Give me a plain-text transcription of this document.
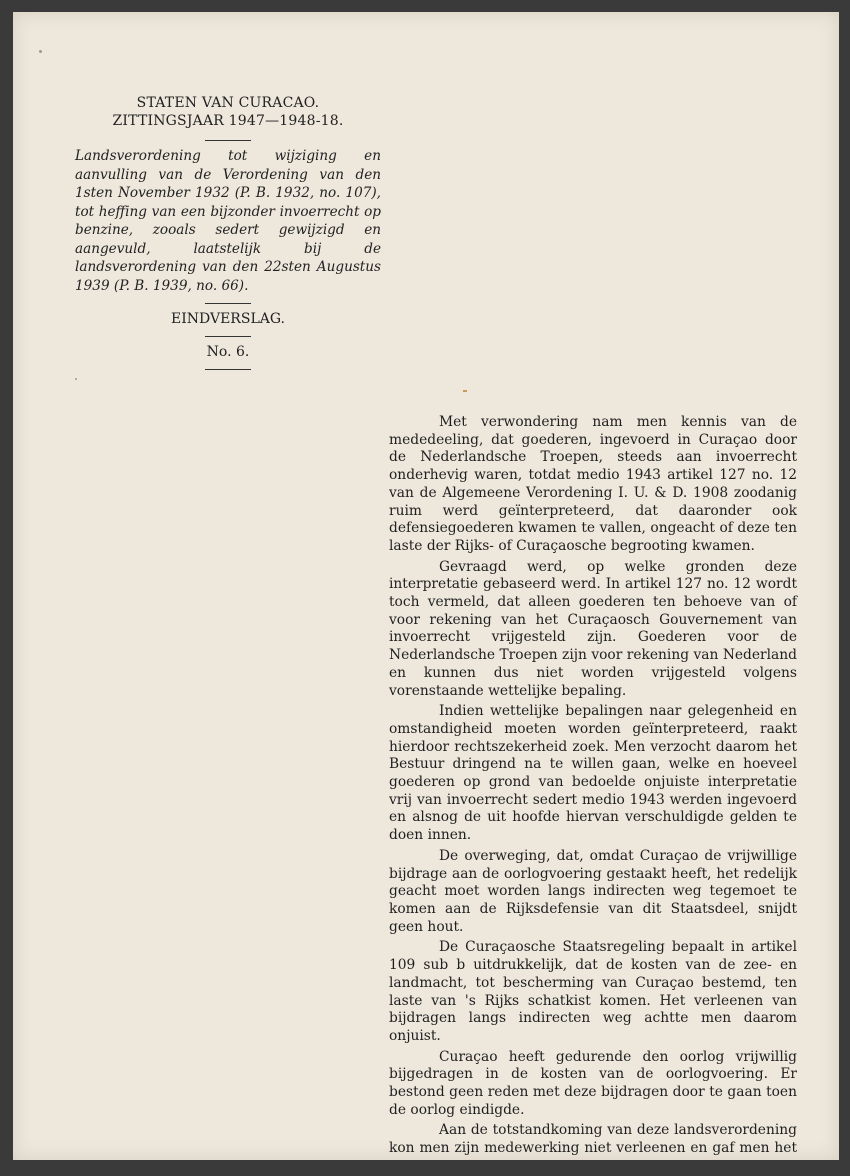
STATEN VAN CURACAO.
ZITTINGSJAAR 1947—1948-18.
Landsverordening tot wijziging en aanvulling van de Verordening van den 1sten November 1932 (P. B. 1932, no. 107), tot heffing van een bijzonder invoerrecht op benzine, zooals sedert gewijzigd en aangevuld, laatstelijk bij de landsverordening van den 22sten Augustus 1939 (P. B. 1939, no. 66).
EINDVERSLAG.
No. 6.

Met verwondering nam men kennis van de mededeeling, dat goederen, ingevoerd in Curaçao door de Nederlandsche Troepen, steeds aan invoerrecht onderhevig waren, totdat medio 1943 artikel 127 no. 12 van de Algemeene Verordening I. U. & D. 1908 zoodanig ruim werd geïnterpreteerd, dat daaronder ook defensiegoederen kwamen te vallen, ongeacht of deze ten laste der Rijks- of Curaçaosche begrooting kwamen.

Gevraagd werd, op welke gronden deze interpretatie gebaseerd werd. In artikel 127 no. 12 wordt toch vermeld, dat alleen goederen ten behoeve van of voor rekening van het Curaçaosch Gouvernement van invoerrecht vrijgesteld zijn. Goederen voor de Nederlandsche Troepen zijn voor rekening van Nederland en kunnen dus niet worden vrijgesteld volgens vorenstaande wettelijke bepaling.

Indien wettelijke bepalingen naar gelegenheid en omstandigheid moeten worden geïnterpreteerd, raakt hierdoor rechtszekerheid zoek. Men verzocht daarom het Bestuur dringend na te willen gaan, welke en hoeveel goederen op grond van bedoelde onjuiste interpretatie vrij van invoerrecht sedert medio 1943 werden ingevoerd en alsnog de uit hoofde hiervan verschuldigde gelden te doen innen.

De overweging, dat, omdat Curaçao de vrijwillige bijdrage aan de oorlogvoering gestaakt heeft, het redelijk geacht moet worden langs indirecten weg tegemoet te komen aan de Rijksdefensie van dit Staatsdeel, snijdt geen hout.

De Curaçaosche Staatsregeling bepaalt in artikel 109 sub b uitdrukkelijk, dat de kosten van de zee- en landmacht, tot bescherming van Curaçao bestemd, ten laste van 's Rijks schatkist komen. Het verleenen van bijdragen langs indirecten weg achtte men daarom onjuist.

Curaçao heeft gedurende den oorlog vrijwillig bijgedragen in de kosten van de oorlogvoering. Er bestond geen reden met deze bijdragen door te gaan toen de oorlog eindigde.

Aan de totstandkoming van deze landsverordening kon men zijn medewerking niet verleenen en gaf men het
